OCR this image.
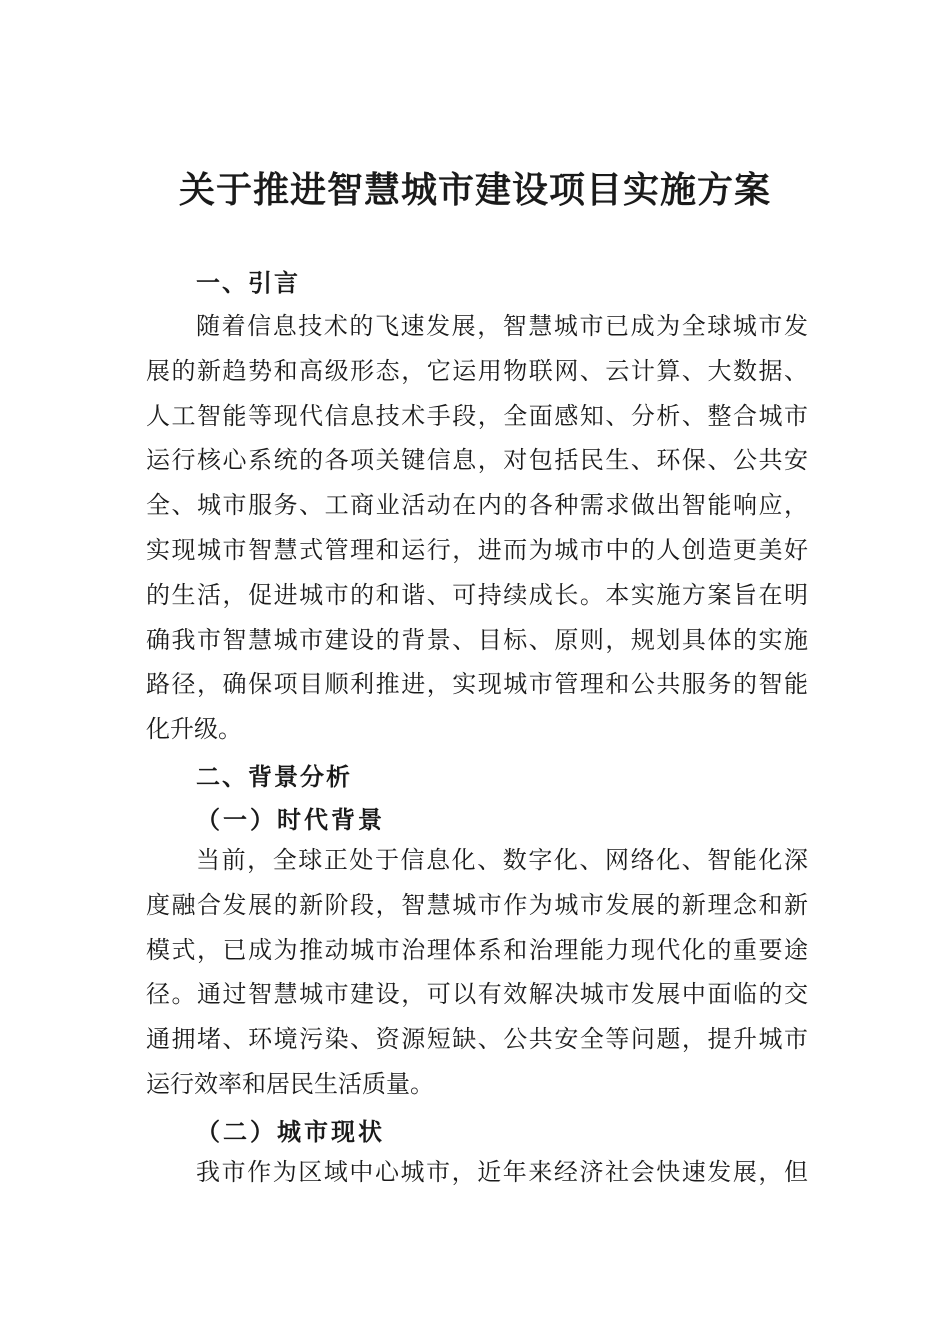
关于推进智慧城市建设项目实施方案
一、引言
随着信息技术的飞速发展，智慧城市已成为全球城市发
展的新趋势和高级形态，它运用物联网、云计算、大数据、
人工智能等现代信息技术手段，全面感知、分析、整合城市
运行核心系统的各项关键信息，对包括民生、环保、公共安
全、城市服务、工商业活动在内的各种需求做出智能响应，
实现城市智慧式管理和运行，进而为城市中的人创造更美好
的生活，促进城市的和谐、可持续成长。本实施方案旨在明
确我市智慧城市建设的背景、目标、原则，规划具体的实施
路径，确保项目顺利推进，实现城市管理和公共服务的智能
化升级。
二、背景分析
（一）时代背景
当前，全球正处于信息化、数字化、网络化、智能化深
度融合发展的新阶段，智慧城市作为城市发展的新理念和新
模式，已成为推动城市治理体系和治理能力现代化的重要途
径。通过智慧城市建设，可以有效解决城市发展中面临的交
通拥堵、环境污染、资源短缺、公共安全等问题，提升城市
运行效率和居民生活质量。
（二）城市现状
我市作为区域中心城市，近年来经济社会快速发展，但
